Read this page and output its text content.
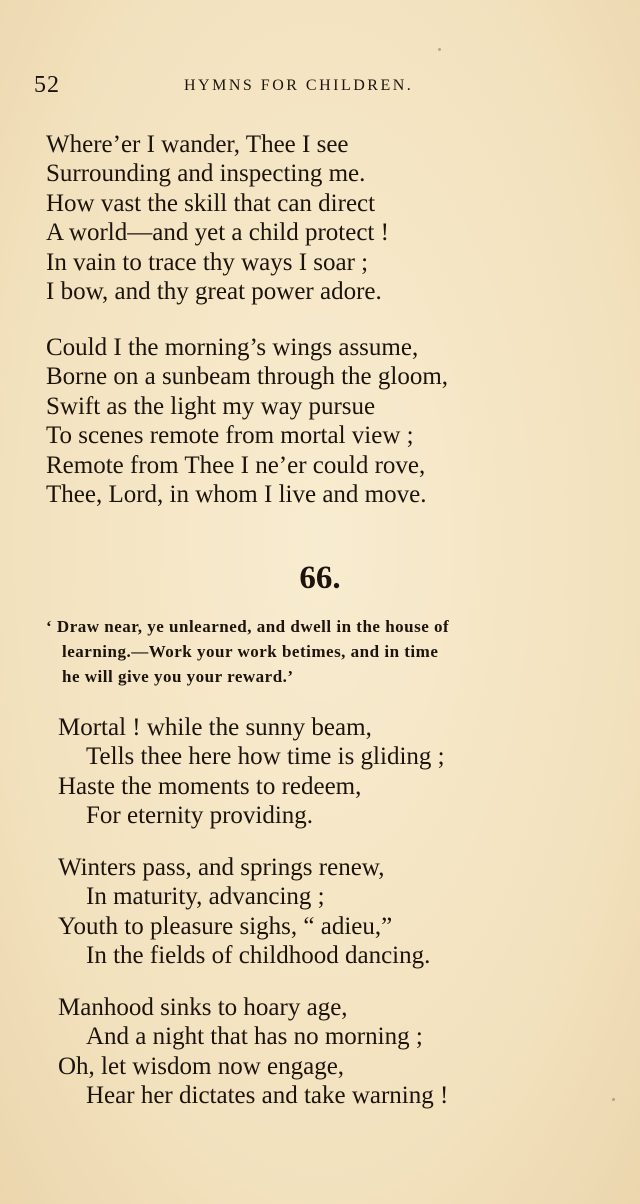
52	HYMNS FOR CHILDREN.
Where’er I wander, Thee I see
Surrounding and inspecting me.
How vast the skill that can direct
A world—and yet a child protect !
In vain to trace thy ways I soar ;
I bow, and thy great power adore.
Could I the morning’s wings assume,
Borne on a sunbeam through the gloom,
Swift as the light my way pursue
To scenes remote from mortal view ;
Remote from Thee I ne’er could rove,
Thee, Lord, in whom I live and move.
66.
‘ Draw near, ye unlearned, and dwell in the house of
learning.—Work your work betimes, and in time
he will give you your reward.’
Mortal ! while the sunny beam,
Tells thee here how time is gliding ;
Haste the moments to redeem,
For eternity providing.
Winters pass, and springs renew,
In maturity, advancing ;
Youth to pleasure sighs, “ adieu,”
In the fields of childhood dancing.
Manhood sinks to hoary age,
And a night that has no morning ;
Oh, let wisdom now engage,
Hear her dictates and take warning !
